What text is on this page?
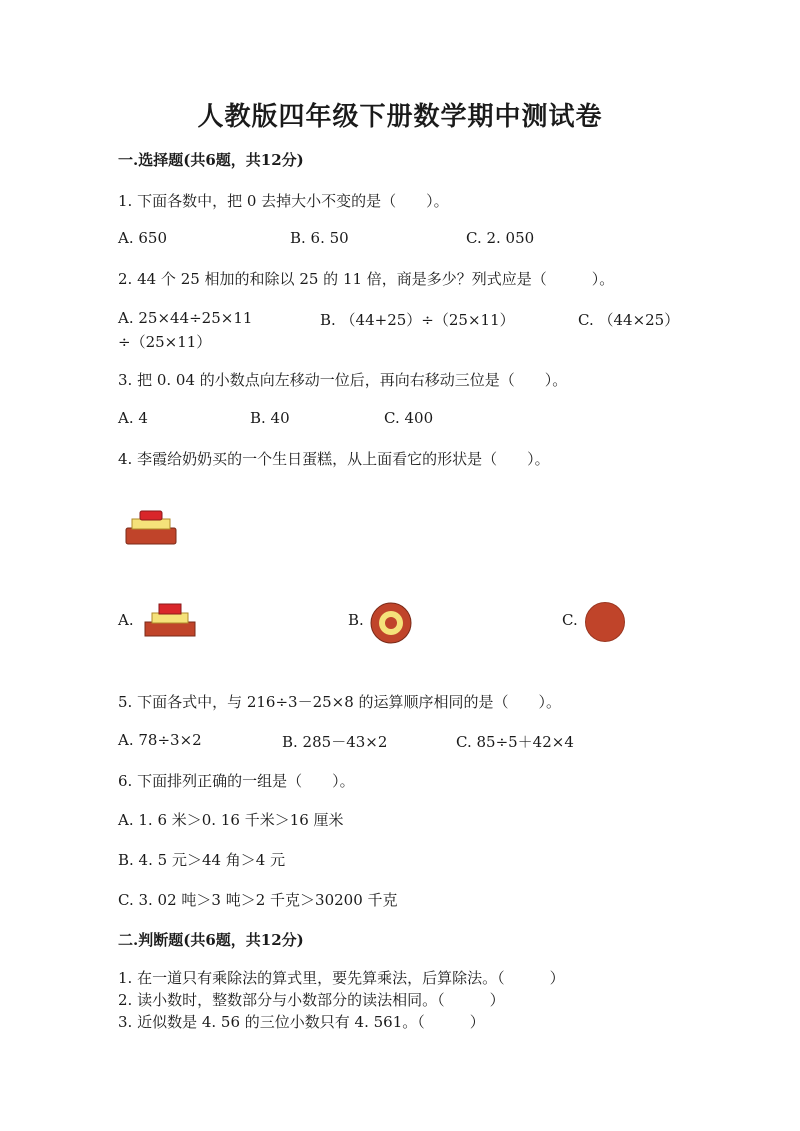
人教版四年级下册数学期中测试卷
一.选择题(共6题，共12分)
1. 下面各数中，把 0 去掉大小不变的是（　　）。
A. 650	B. 6. 50	C. 2. 050
2. 44 个 25 相加的和除以 25 的 11 倍，商是多少？列式应是（　　　）。
A. 25×44÷25×11	B. （44+25）÷（25×11）	C. （44×25）
÷（25×11）
3. 把 0. 04 的小数点向左移动一位后，再向右移动三位是（　　）。
A. 4	B. 40	C. 400
4. 李霞给奶奶买的一个生日蛋糕，从上面看它的形状是（　　）。
A.	B.	C.
5. 下面各式中，与 216÷3－25×8 的运算顺序相同的是（　　）。
A. 78÷3×2	B. 285－43×2	C. 85÷5＋42×4
6. 下面排列正确的一组是（　　）。
A. 1. 6 米＞0. 16 千米＞16 厘米
B. 4. 5 元＞44 角＞4 元
C. 3. 02 吨＞3 吨＞2 千克＞30200 千克
二.判断题(共6题，共12分)
1. 在一道只有乘除法的算式里，要先算乘法，后算除法。（　　　）
2. 读小数时，整数部分与小数部分的读法相同。（　　　）
3. 近似数是 4. 56 的三位小数只有 4. 561。（　　　）
